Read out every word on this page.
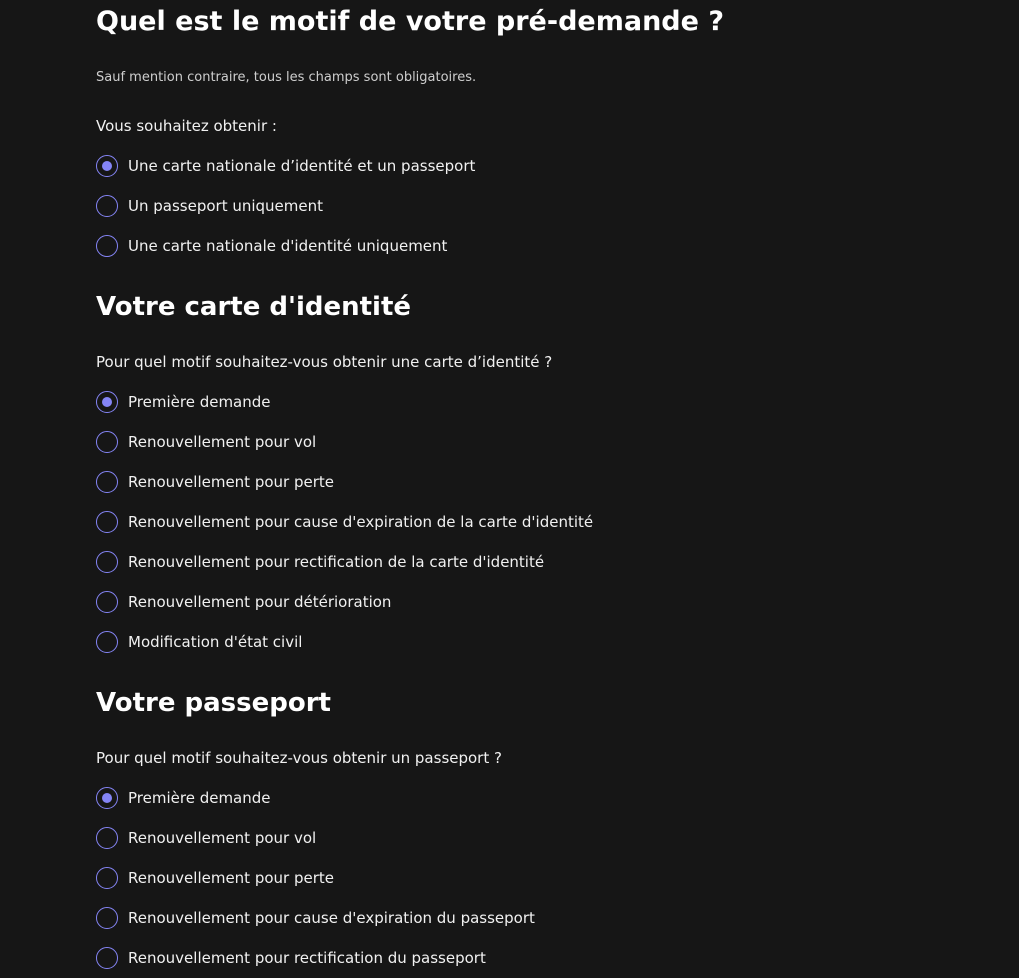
Quel est le motif de votre pré-demande ?
Sauf mention contraire, tous les champs sont obligatoires.
Vous souhaitez obtenir :
Une carte nationale d’identité et un passeport
Un passeport uniquement
Une carte nationale d'identité uniquement
Votre carte d'identité
Pour quel motif souhaitez-vous obtenir une carte d’identité ?
Première demande
Renouvellement pour vol
Renouvellement pour perte
Renouvellement pour cause d'expiration de la carte d'identité
Renouvellement pour rectification de la carte d'identité
Renouvellement pour détérioration
Modification d'état civil
Votre passeport
Pour quel motif souhaitez-vous obtenir un passeport ?
Première demande
Renouvellement pour vol
Renouvellement pour perte
Renouvellement pour cause d'expiration du passeport
Renouvellement pour rectification du passeport
